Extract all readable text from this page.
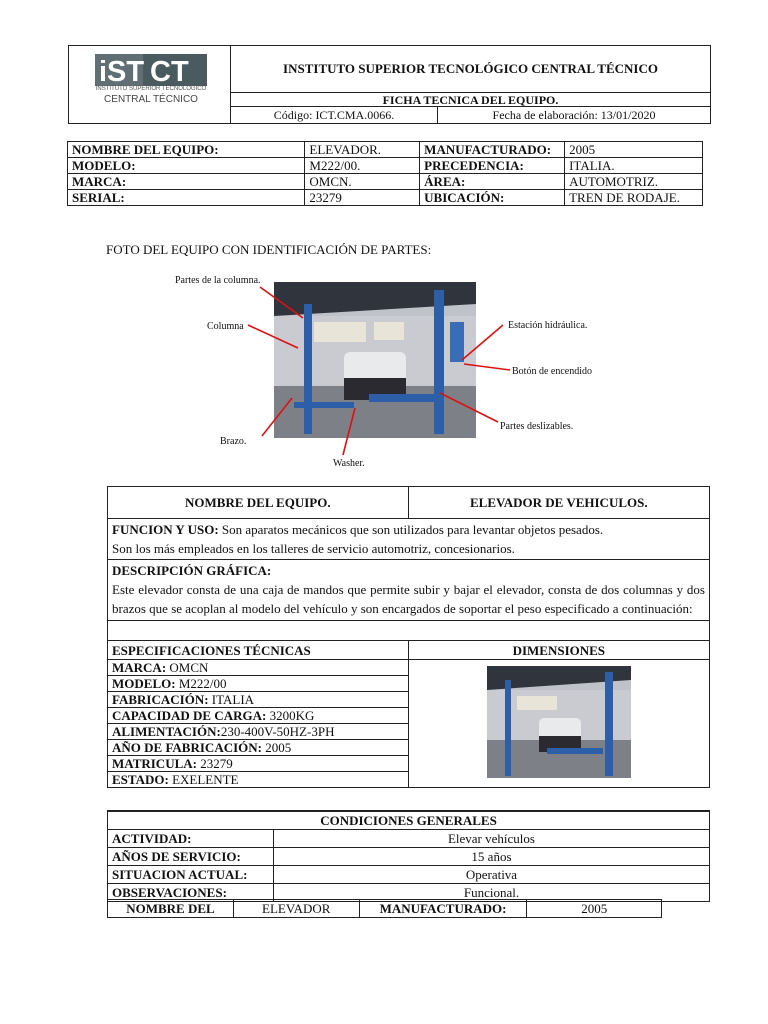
iST CT
INSTITUTO SUPERIOR TECNOLÓGICO
CENTRAL TÉCNICO
INSTITUTO SUPERIOR TECNOLÓGICO CENTRAL TÉCNICO
FICHA TECNICA DEL EQUIPO.
Código: ICT.CMA.0066.	Fecha de elaboración: 13/01/2020
NOMBRE DEL EQUIPO:	ELEVADOR.	MANUFACTURADO:	2005
MODELO:	M222/00.	PRECEDENCIA:	ITALIA.
MARCA:	OMCN.	ÁREA:	AUTOMOTRIZ.
SERIAL:	23279	UBICACIÓN:	TREN DE RODAJE.
FOTO DEL EQUIPO CON IDENTIFICACIÓN DE PARTES:
Partes de la columna.
Columna	Estación hidráulica.
Botón de encendido
Partes deslizables.
Brazo.
Washer.
NOMBRE DEL EQUIPO.	ELEVADOR DE VEHICULOS.
FUNCION Y USO: Son aparatos mecánicos que son utilizados para levantar objetos pesados.
Son los más empleados en los talleres de servicio automotriz, concesionarios.

DESCRIPCIÓN GRÁFICA:
Este elevador consta de una caja de mandos que permite subir y bajar el elevador, consta de dos columnas y dos brazos que se acoplan al modelo del vehículo y son encargados de soportar el peso especificado a continuación:

ESPECIFICACIONES TÉCNICAS	DIMENSIONES

MARCA: OMCN
MODELO: M222/00
FABRICACIÓN: ITALIA
CAPACIDAD DE CARGA: 3200KG
ALIMENTACIÓN:230-400V-50HZ-3PH
AÑO DE FABRICACIÓN: 2005
MATRICULA: 23279
ESTADO: EXELENTE

CONDICIONES GENERALES	
ACTIVIDAD:	Elevar vehículos
AÑOS DE SERVICIO:	15 años
SITUACION ACTUAL:	Operativa
OBSERVACIONES:	Funcional.
NOMBRE DEL	ELEVADOR	MANUFACTURADO:	2005
